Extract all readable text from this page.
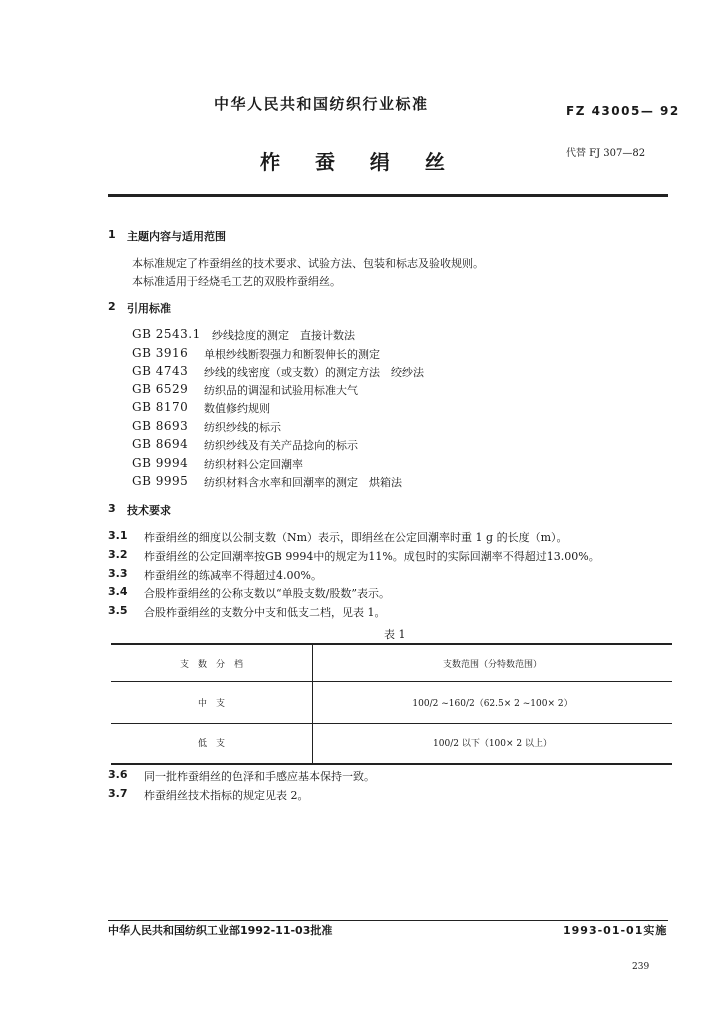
中华人民共和国纺织行业标准	FZ 43005— 92
柞 蚕 绢 丝	代替 FJ 307—82
1 主题内容与适用范围
本标准规定了柞蚕绢丝的技术要求、试验方法、包装和标志及验收规则。
本标准适用于经烧毛工艺的双股柞蚕绢丝。
2 引用标准
GB 2543.1 纱线捻度的测定　直接计数法
GB 3916 单根纱线断裂强力和断裂伸长的测定
GB 4743 纱线的线密度（或支数）的测定方法　绞纱法
GB 6529 纺织品的调湿和试验用标准大气
GB 8170 数值修约规则
GB 8693 纺织纱线的标示
GB 8694 纺织纱线及有关产品捻向的标示
GB 9994 纺织材料公定回潮率
GB 9995 纺织材料含水率和回潮率的测定　烘箱法
3 技术要求
3.1 柞蚕绢丝的细度以公制支数（Nm）表示，即绢丝在公定回潮率时重 1 g 的长度（m）。
3.2 柞蚕绢丝的公定回潮率按GB 9994中的规定为11%。成包时的实际回潮率不得超过13.00%。
3.3 柞蚕绢丝的练减率不得超过4.00%。
3.4 合股柞蚕绢丝的公称支数以“单股支数/股数”表示。
3.5 合股柞蚕绢丝的支数分中支和低支二档，见表 1。
表 1
支　数　分　档	支数范围（分特数范围）
中　支	100/2 ~160/2（62.5× 2 ~100× 2）
低　支	100/2 以下（100× 2 以上）
3.6 同一批柞蚕绢丝的色泽和手感应基本保持一致。
3.7 柞蚕绢丝技术指标的规定见表 2。
中华人民共和国纺织工业部1992-11-03批准	1993-01-01实施
239
